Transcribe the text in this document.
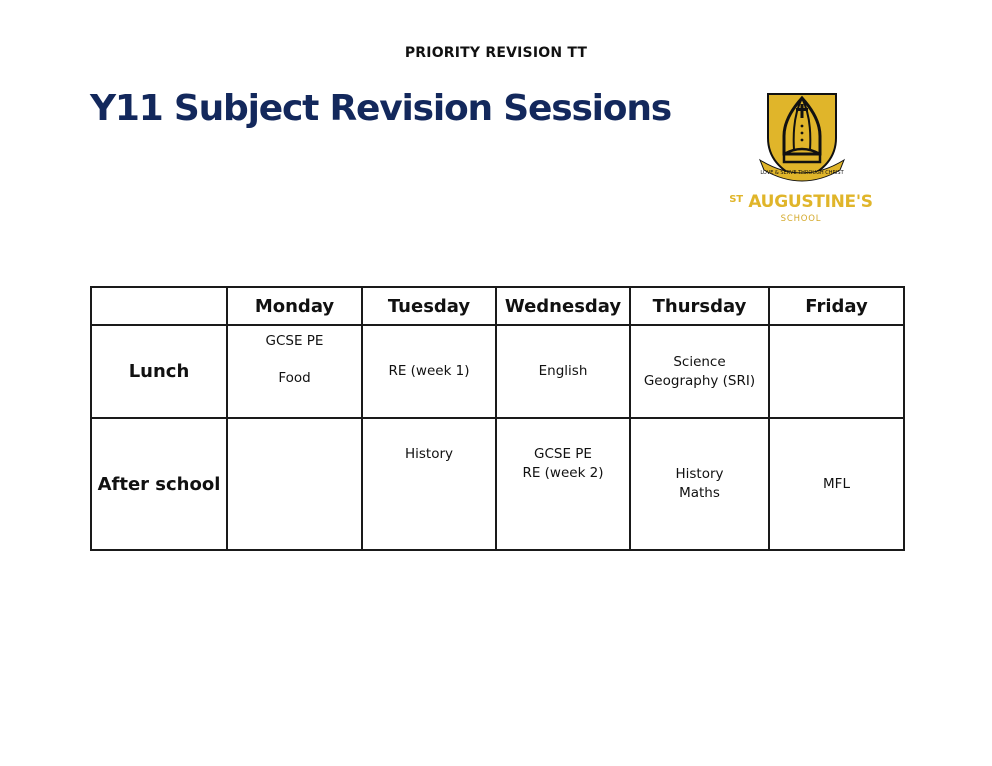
PRIORITY REVISION TT
Y11 Subject Revision Sessions
LOVE & SERVE THROUGH CHRIST
$^{ST}$ AUGUSTINE'S
SCHOOL
	Monday	Tuesday	Wednesday	Thursday	Friday
Lunch	GCSE PE
Food	RE (week 1)	English	Science
Geography (SRI)	

After school		History	GCSE PE
RE (week 2)	History
Maths	MFL
